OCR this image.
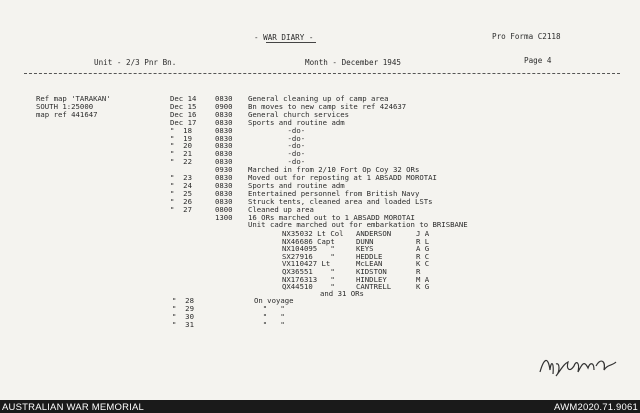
- WAR DIARY -	Pro Forma C2118
Unit - 2/3 Pnr Bn.	Month - December 1945	Page 4
Ref map 'TARAKAN'
SOUTH 1:25000
map ref 441647
Dec 14	0830 General cleaning up of camp area
Dec 15	0900 Bn moves to new camp site ref 424637
Dec 16	0830 General church services
Dec 17	0830 Sports and routine adm
"  18	0830 -do-
"  19	0830 -do-
"  20	0830 -do-
"  21	0830 -do-
"  22	0830 -do-
0930 Marched in from 2/10 Fort Op Coy 32 ORs
"  23	0830 Moved out for reposting at 1 ABSADD MOROTAI
"  24	0830 Sports and routine adm
"  25	0830 Entertained personnel from British Navy
"  26	0830 Struck tents, cleaned area and loaded LSTs
"  27	0800 Cleaned up area
1300 16 ORs marched out to 1 ABSADD MOROTAI
Unit cadre marched out for embarkation to BRISBANE
NX35032 Lt Col ANDERSON	J A
NX46686 Capt	DUNN	R L
NX104095   "	KEYS	A G
SX27916    "	HEDDLE	R C
VX110427 Lt	McLEAN	K C
QX36551    "	KIDSTON	R
NX176313   "	HINDLEY	M A
QX44510    "	CANTRELL	K G
and 31 ORs
"  28	On voyage
"  29	"   "
"  30	"   "
"  31	"   "
AUSTRALIAN WAR MEMORIAL	AWM2020.71.9061
